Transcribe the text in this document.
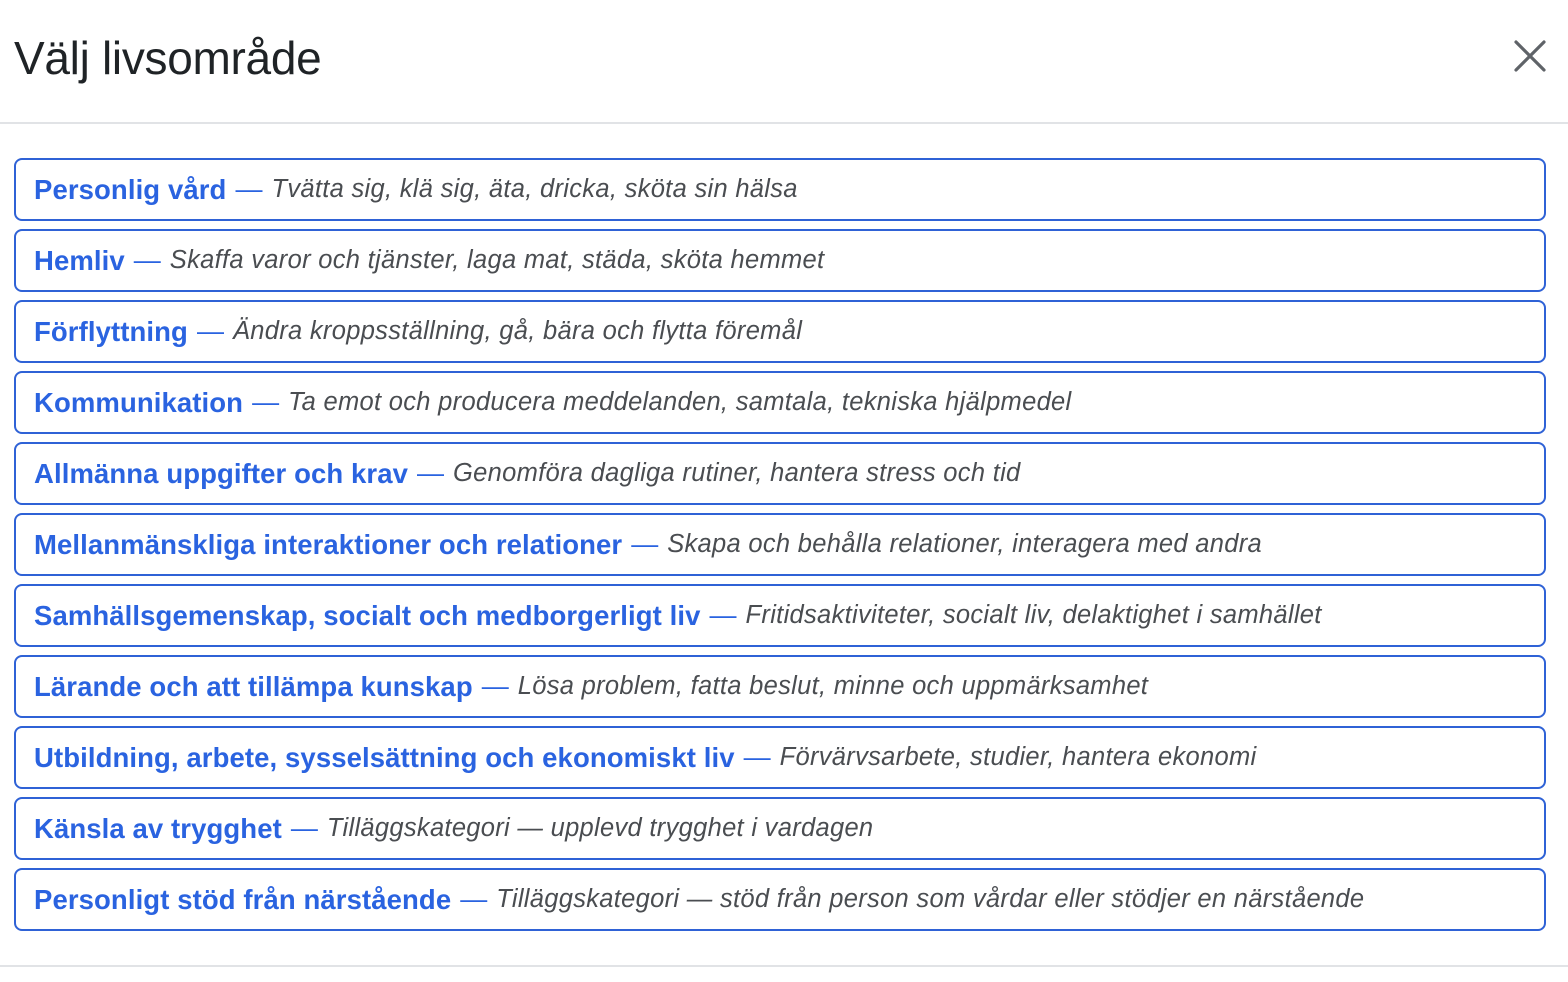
Välj livsområde
Personlig vård — Tvätta sig, klä sig, äta, dricka, sköta sin hälsa
Hemliv — Skaffa varor och tjänster, laga mat, städa, sköta hemmet
Förflyttning — Ändra kroppsställning, gå, bära och flytta föremål
Kommunikation — Ta emot och producera meddelanden, samtala, tekniska hjälpmedel
Allmänna uppgifter och krav — Genomföra dagliga rutiner, hantera stress och tid
Mellanmänskliga interaktioner och relationer — Skapa och behålla relationer, interagera med andra
Samhällsgemenskap, socialt och medborgerligt liv — Fritidsaktiviteter, socialt liv, delaktighet i samhället
Lärande och att tillämpa kunskap — Lösa problem, fatta beslut, minne och uppmärksamhet
Utbildning, arbete, sysselsättning och ekonomiskt liv — Förvärvsarbete, studier, hantera ekonomi
Känsla av trygghet — Tilläggskategori — upplevd trygghet i vardagen
Personligt stöd från närstående — Tilläggskategori — stöd från person som vårdar eller stödjer en närstående
